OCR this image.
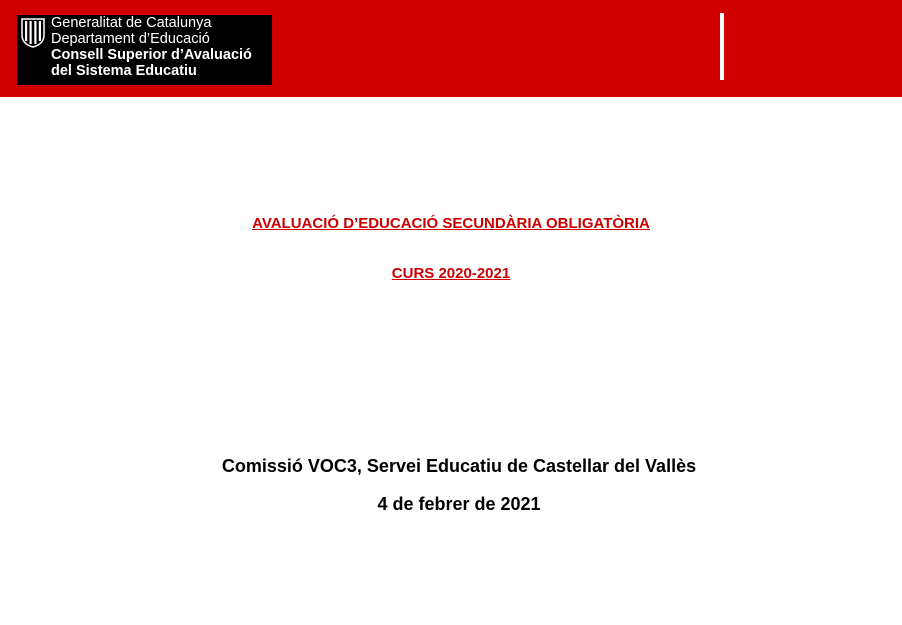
Generalitat de Catalunya
Departament d’Educació
Consell Superior d’Avaluació
del Sistema Educatiu
AVALUACIÓ D’EDUCACIÓ SECUNDÀRIA OBLIGATÒRIA
CURS 2020-2021
Comissió VOC3, Servei Educatiu de Castellar del Vallès
4 de febrer de 2021
